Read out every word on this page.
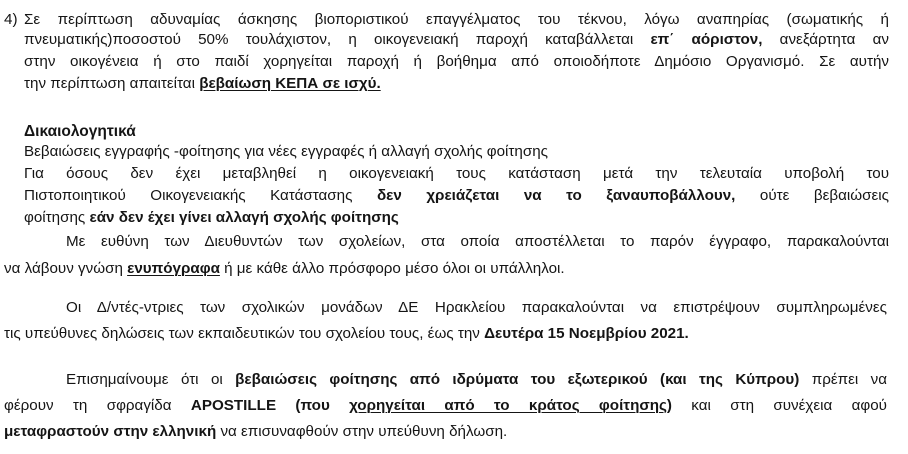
4) Σε περίπτωση αδυναμίας άσκησης βιοποριστικού επαγγέλματος του τέκνου, λόγω αναπηρίας (σωματικής ή
πνευματικής)ποσοστού 50% τουλάχιστον, η οικογενειακή παροχή καταβάλλεται επ΄ αόριστον, ανεξάρτητα αν
στην οικογένεια ή στο παιδί χορηγείται παροχή ή βοήθημα από οποιοδήποτε Δημόσιο Οργανισμό. Σε αυτήν
την περίπτωση απαιτείται βεβαίωση ΚΕΠΑ σε ισχύ.
Δικαιολογητικά
Βεβαιώσεις εγγραφής -φοίτησης για νέες εγγραφές ή αλλαγή σχολής φοίτησης
Για όσους δεν έχει μεταβληθεί η οικογενειακή τους κατάσταση μετά την τελευταία υποβολή του
Πιστοποιητικού Οικογενειακής Κατάστασης δεν χρειάζεται να το ξαναυποβάλλουν, ούτε βεβαιώσεις
φοίτησης εάν δεν έχει γίνει αλλαγή σχολής φοίτησης
Με ευθύνη των Διευθυντών των σχολείων, στα οποία αποστέλλεται το παρόν έγγραφο, παρακαλούνται
να λάβουν γνώση ενυπόγραφα ή με κάθε άλλο πρόσφορο μέσο όλοι οι υπάλληλοι.
Οι Δ/ντές-ντριες των σχολικών μονάδων ΔΕ Ηρακλείου παρακαλούνται να επιστρέψουν συμπληρωμένες
τις υπεύθυνες δηλώσεις των εκπαιδευτικών του σχολείου τους, έως την Δευτέρα 15 Νοεμβρίου 2021.
Επισημαίνουμε ότι οι βεβαιώσεις φοίτησης από ιδρύματα του εξωτερικού (και της Κύπρου) πρέπει να
φέρουν τη σφραγίδα APOSTILLE (που χορηγείται από το κράτος φοίτησης) και στη συνέχεια αφού
μεταφραστούν στην ελληνική να επισυναφθούν στην υπεύθυνη δήλωση.
